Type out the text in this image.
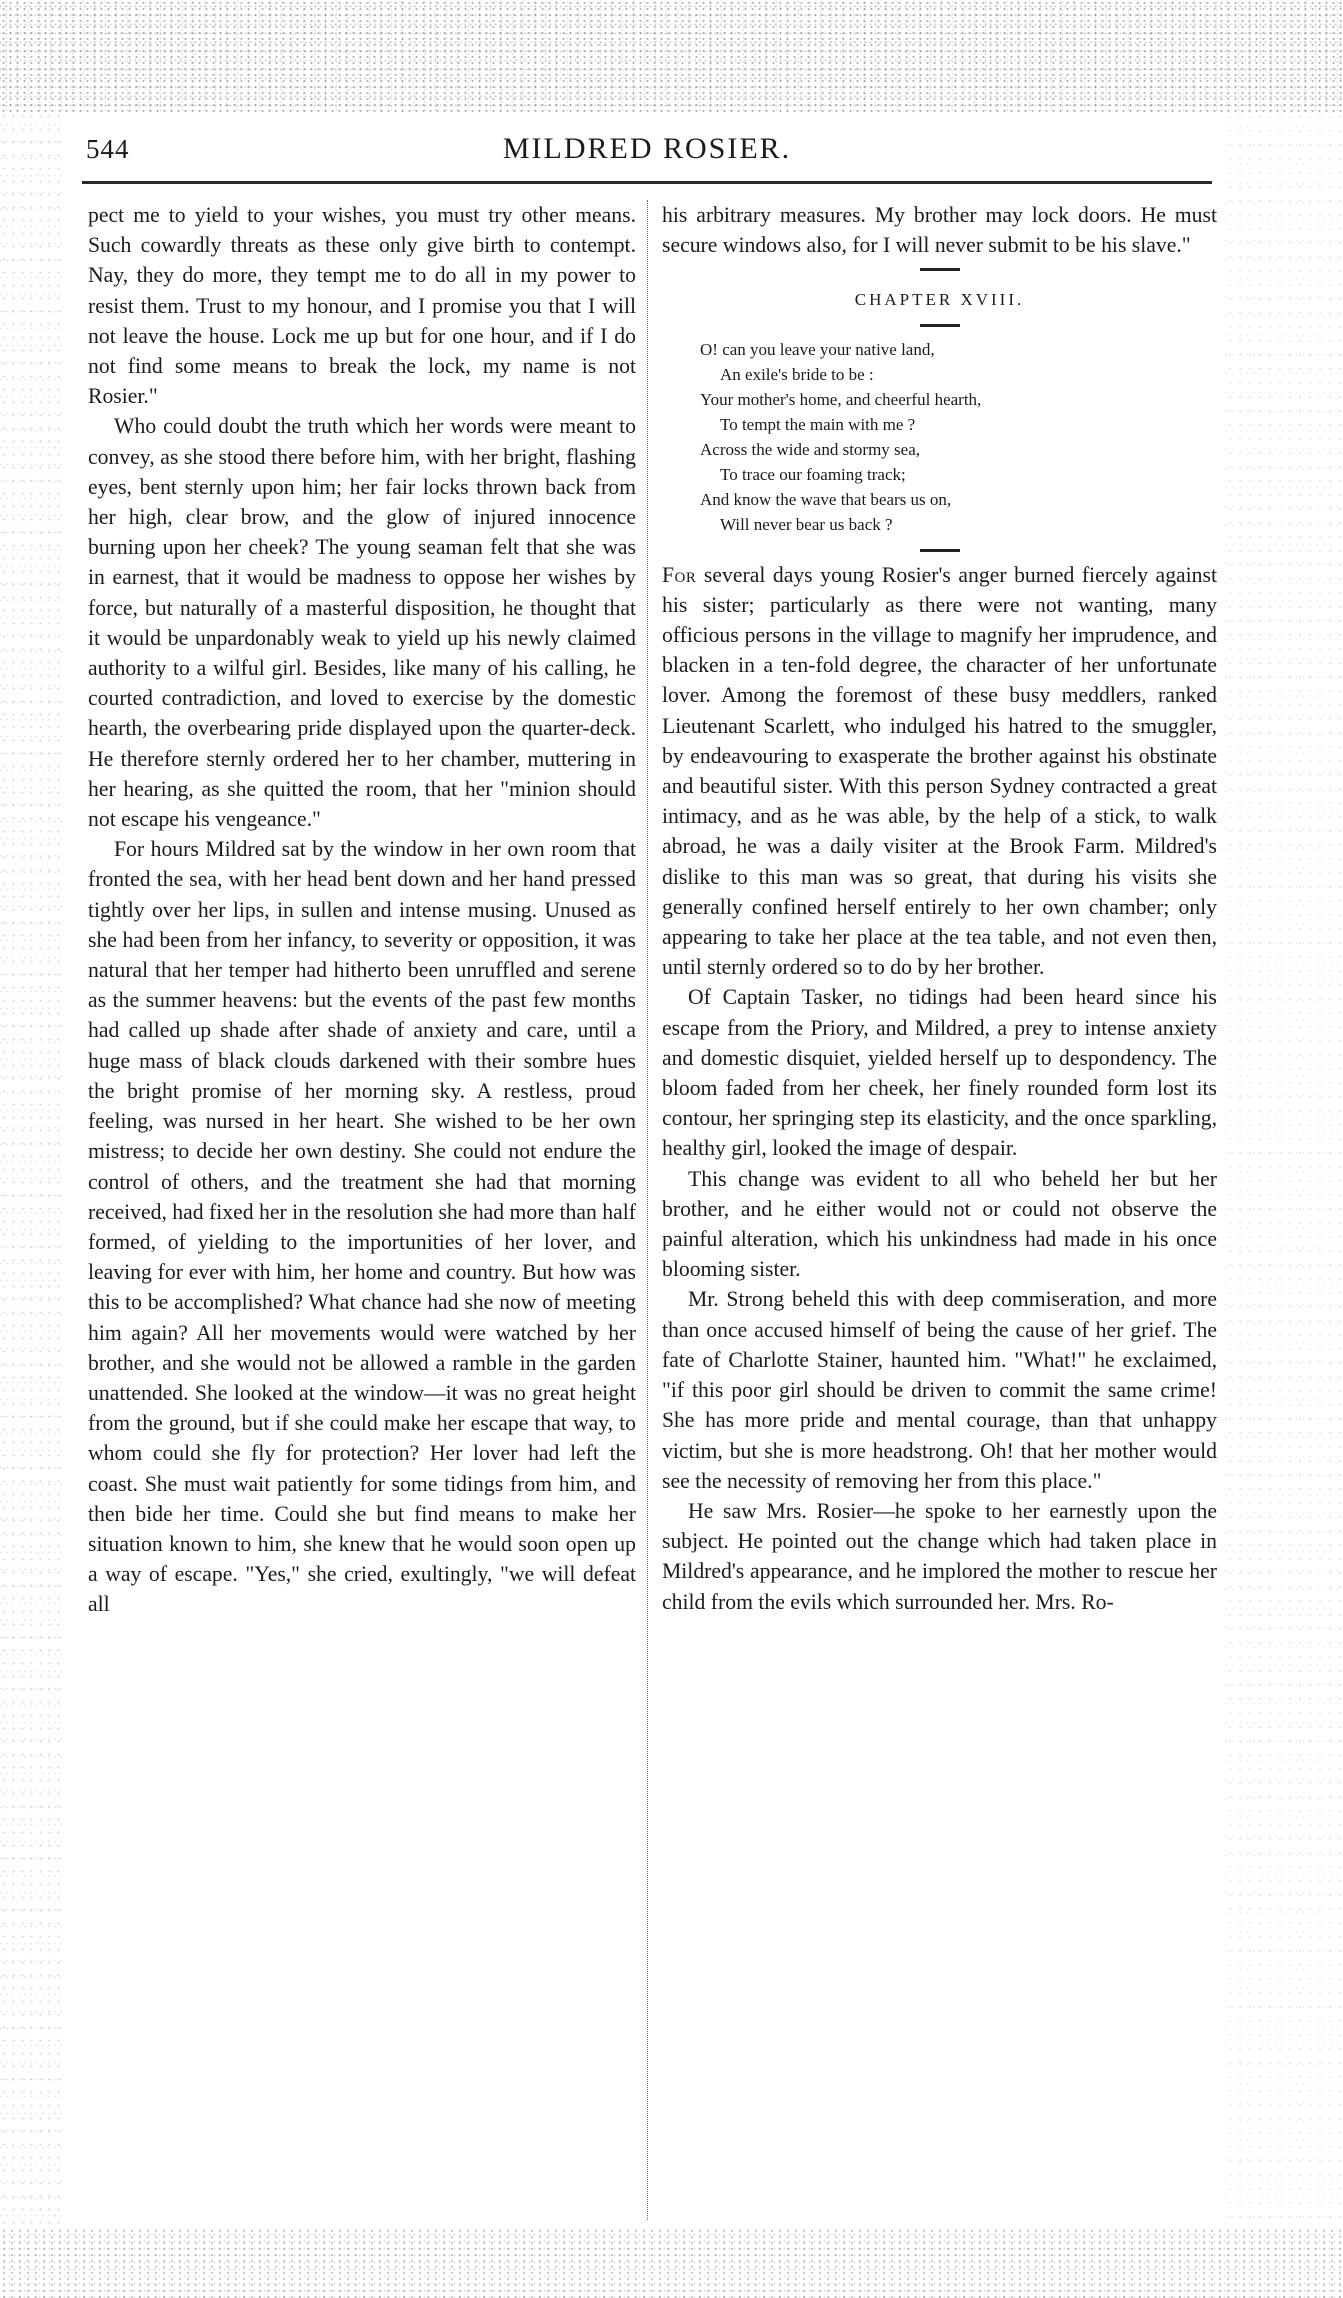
544	MILDRED ROSIER.

pect me to yield to your wishes, you must try other means. Such cowardly threats as these only give birth to contempt. Nay, they do more, they tempt me to do all in my power to resist them. Trust to my honour, and I promise you that I will not leave the house. Lock me up but for one hour, and if I do not find some means to break the lock, my name is not Rosier."

Who could doubt the truth which her words were meant to convey, as she stood there before him, with her bright, flashing eyes, bent sternly upon him; her fair locks thrown back from her high, clear brow, and the glow of injured innocence burning upon her cheek? The young seaman felt that she was in earnest, that it would be madness to oppose her wishes by force, but naturally of a masterful disposition, he thought that it would be unpardonably weak to yield up his newly claimed authority to a wilful girl. Besides, like many of his calling, he courted contradiction, and loved to exercise by the domestic hearth, the overbearing pride displayed upon the quarter-deck. He therefore sternly ordered her to her chamber, muttering in her hearing, as she quitted the room, that her "minion should not escape his vengeance."

For hours Mildred sat by the window in her own room that fronted the sea, with her head bent down and her hand pressed tightly over her lips, in sullen and intense musing. Unused as she had been from her infancy, to severity or opposition, it was natural that her temper had hitherto been unruffled and serene as the summer heavens: but the events of the past few months had called up shade after shade of anxiety and care, until a huge mass of black clouds darkened with their sombre hues the bright promise of her morning sky. A restless, proud feeling, was nursed in her heart. She wished to be her own mistress; to decide her own destiny. She could not endure the control of others, and the treatment she had that morning received, had fixed her in the resolution she had more than half formed, of yielding to the importunities of her lover, and leaving for ever with him, her home and country. But how was this to be accomplished? What chance had she now of meeting him again? All her movements would were watched by her brother, and she would not be allowed a ramble in the garden unattended. She looked at the window—it was no great height from the ground, but if she could make her escape that way, to whom could she fly for protection? Her lover had left the coast. She must wait patiently for some tidings from him, and then bide her time. Could she but find means to make her situation known to him, she knew that he would soon open up a way of escape. "Yes," she cried, exultingly, "we will defeat all

his arbitrary measures. My brother may lock doors. He must secure windows also, for I will never submit to be his slave."

CHAPTER XVIII.
O! can you leave your native land,
An exile's bride to be :
Your mother's home, and cheerful hearth,
To tempt the main with me ?
Across the wide and stormy sea,
To trace our foaming track;
And know the wave that bears us on,
Will never bear us back ?

For several days young Rosier's anger burned fiercely against his sister; particularly as there were not wanting, many officious persons in the village to magnify her imprudence, and blacken in a ten-fold degree, the character of her unfortunate lover. Among the foremost of these busy meddlers, ranked Lieutenant Scarlett, who indulged his hatred to the smuggler, by endeavouring to exasperate the brother against his obstinate and beautiful sister. With this person Sydney contracted a great intimacy, and as he was able, by the help of a stick, to walk abroad, he was a daily visiter at the Brook Farm. Mildred's dislike to this man was so great, that during his visits she generally confined herself entirely to her own chamber; only appearing to take her place at the tea table, and not even then, until sternly ordered so to do by her brother.

Of Captain Tasker, no tidings had been heard since his escape from the Priory, and Mildred, a prey to intense anxiety and domestic disquiet, yielded herself up to despondency. The bloom faded from her cheek, her finely rounded form lost its contour, her springing step its elasticity, and the once sparkling, healthy girl, looked the image of despair.

This change was evident to all who beheld her but her brother, and he either would not or could not observe the painful alteration, which his unkindness had made in his once blooming sister.

Mr. Strong beheld this with deep commiseration, and more than once accused himself of being the cause of her grief. The fate of Charlotte Stainer, haunted him. "What!" he exclaimed, "if this poor girl should be driven to commit the same crime! She has more pride and mental courage, than that unhappy victim, but she is more headstrong. Oh! that her mother would see the necessity of removing her from this place."

He saw Mrs. Rosier—he spoke to her earnestly upon the subject. He pointed out the change which had taken place in Mildred's appearance, and he implored the mother to rescue her child from the evils which surrounded her. Mrs. Ro-
